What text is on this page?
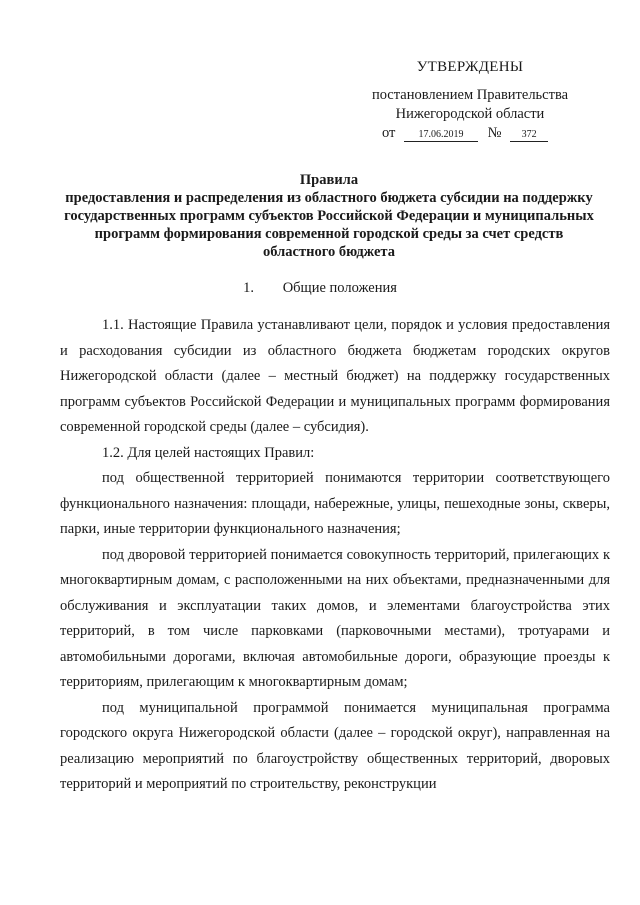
УТВЕРЖДЕНЫ
постановлением Правительства
Нижегородской области
от 17.06.2019 № 372
Правила
предоставления и распределения из областного бюджета субсидии на поддержку государственных программ субъектов Российской Федерации и муниципальных программ формирования современной городской среды за счет средств областного бюджета
1. Общие положения

1.1. Настоящие Правила устанавливают цели, порядок и условия предоставления и расходования субсидии из областного бюджета бюджетам городских округов Нижегородской области (далее – местный бюджет) на поддержку государственных программ субъектов Российской Федерации и муниципальных программ формирования современной городской среды (далее – субсидия).

1.2. Для целей настоящих Правил:

под общественной территорией понимаются территории соответствующего функционального назначения: площади, набережные, улицы, пешеходные зоны, скверы, парки, иные территории функционального назначения;

под дворовой территорией понимается совокупность территорий, прилегающих к многоквартирным домам, с расположенными на них объектами, предназначенными для обслуживания и эксплуатации таких домов, и элементами благоустройства этих территорий, в том числе парковками (парковочными местами), тротуарами и автомобильными дорогами, включая автомобильные дороги, образующие проезды к территориям, прилегающим к многоквартирным домам;

под муниципальной программой понимается муниципальная программа городского округа Нижегородской области (далее – городской округ), направленная на реализацию мероприятий по благоустройству общественных территорий, дворовых территорий и мероприятий по строительству, реконструкции
